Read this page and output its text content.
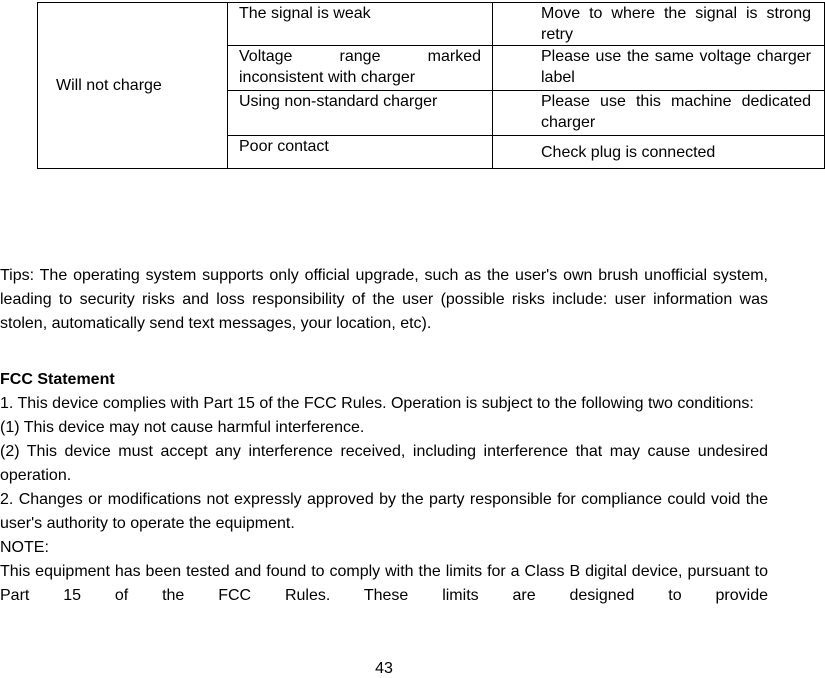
Will not charge	The signal is weak	Move to where the signal is strong retry
	Voltage range marked inconsistent with charger	Please use the same voltage charger label
	Using non-standard charger	Please use this machine dedicated charger
	Poor contact	Check plug is connected
Tips: The operating system supports only official upgrade, such as the user's own brush unofficial system, leading to security risks and loss responsibility of the user (possible risks include: user information was stolen, automatically send text messages, your location, etc).
FCC Statement
1. This device complies with Part 15 of the FCC Rules. Operation is subject to the following two conditions:
(1) This device may not cause harmful interference.
(2) This device must accept any interference received, including interference that may cause undesired operation.
2. Changes or modifications not expressly approved by the party responsible for compliance could void the user's authority to operate the equipment.
NOTE:
This equipment has been tested and found to comply with the limits for a Class B digital device, pursuant to Part 15 of the FCC Rules. These limits are designed to provide
43
